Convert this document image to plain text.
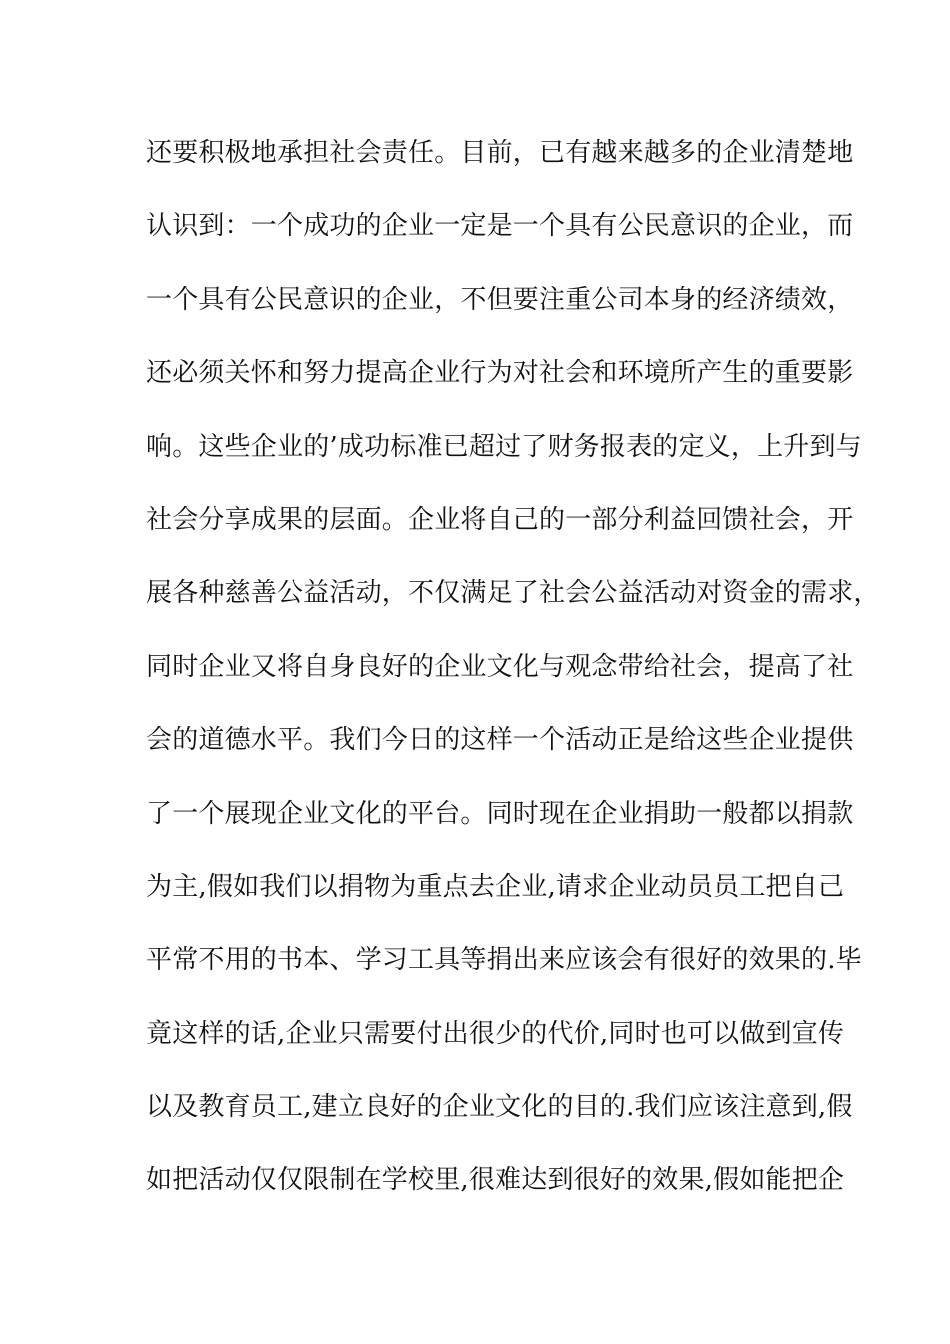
还要积极地承担社会责任。目前，已有越来越多的企业清楚地
认识到：一个成功的企业一定是一个具有公民意识的企业，而
一个具有公民意识的企业，不但要注重公司本身的经济绩效，
还必须关怀和努力提高企业行为对社会和环境所产生的重要影
响。这些企业的’成功标准已超过了财务报表的定义，上升到与
社会分享成果的层面。企业将自己的一部分利益回馈社会，开
展各种慈善公益活动，不仅满足了社会公益活动对资金的需求，
同时企业又将自身良好的企业文化与观念带给社会，提高了社
会的道德水平。我们今日的这样一个活动正是给这些企业提供
了一个展现企业文化的平台。同时现在企业捐助一般都以捐款
为主,假如我们以捐物为重点去企业,请求企业动员员工把自己
平常不用的书本、学习工具等捐出来应该会有很好的效果的.毕
竟这样的话,企业只需要付出很少的代价,同时也可以做到宣传
以及教育员工,建立良好的企业文化的目的.我们应该注意到,假
如把活动仅仅限制在学校里,很难达到很好的效果,假如能把企
